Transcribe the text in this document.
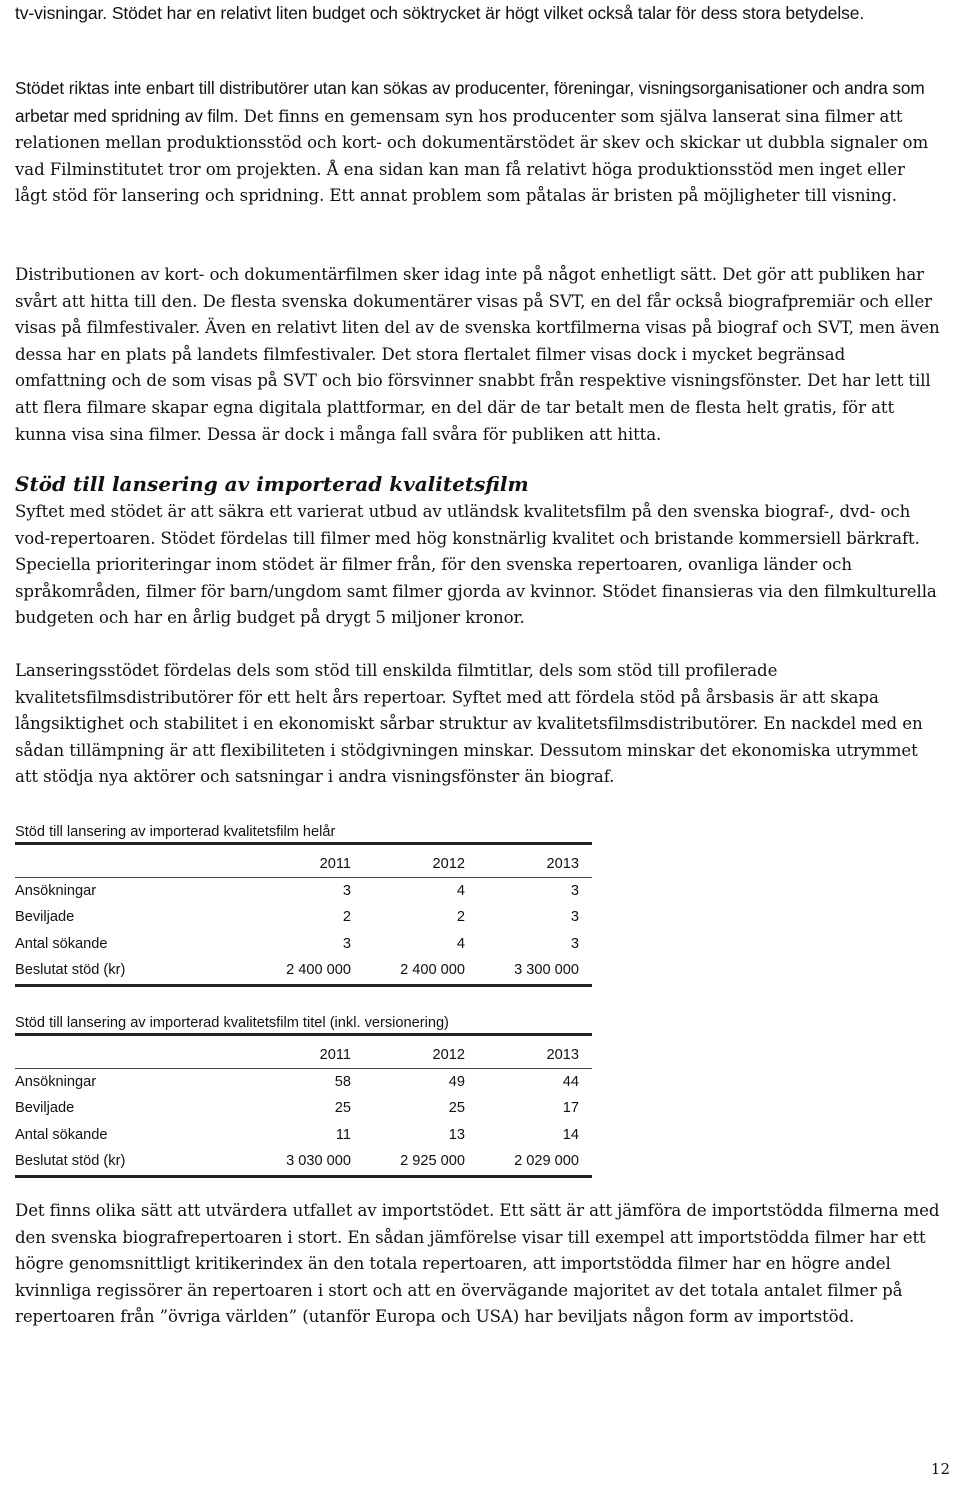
tv-visningar. Stödet har en relativt liten budget och söktrycket är högt vilket också talar för dess stora betydelse.

Stödet riktas inte enbart till distributörer utan kan sökas av producenter, föreningar, visningsorganisationer och andra som arbetar med spridning av film. Det finns en gemensam syn hos producenter som själva lanserat sina filmer att relationen mellan produktionsstöd och kort- och dokumentärstödet är skev och skickar ut dubbla signaler om vad Filminstitutet tror om projekten. Å ena sidan kan man få relativt höga produktionsstöd men inget eller lågt stöd för lansering och spridning. Ett annat problem som påtalas är bristen på möjligheter till visning.

Distributionen av kort- och dokumentärfilmen sker idag inte på något enhetligt sätt. Det gör att publiken har svårt att hitta till den. De flesta svenska dokumentärer visas på SVT, en del får också biografpremiär och eller visas på filmfestivaler. Även en relativt liten del av de svenska kortfilmerna visas på biograf och SVT, men även dessa har en plats på landets filmfestivaler. Det stora flertalet filmer visas dock i mycket begränsad omfattning och de som visas på SVT och bio försvinner snabbt från respektive visningsfönster. Det har lett till att flera filmare skapar egna digitala plattformar, en del där de tar betalt men de flesta helt gratis, för att kunna visa sina filmer. Dessa är dock i många fall svåra för publiken att hitta.

Stöd till lansering av importerad kvalitetsfilm

Syftet med stödet är att säkra ett varierat utbud av utländsk kvalitetsfilm på den svenska biograf-, dvd- och vod-repertoaren. Stödet fördelas till filmer med hög konstnärlig kvalitet och bristande kommersiell bärkraft. Speciella prioriteringar inom stödet är filmer från, för den svenska repertoaren, ovanliga länder och språkområden, filmer för barn/ungdom samt filmer gjorda av kvinnor. Stödet finansieras via den filmkulturella budgeten och har en årlig budget på drygt 5 miljoner kronor.

Lanseringsstödet fördelas dels som stöd till enskilda filmtitlar, dels som stöd till profilerade kvalitetsfilmsdistributörer för ett helt års repertoar. Syftet med att fördela stöd på årsbasis är att skapa långsiktighet och stabilitet i en ekonomiskt sårbar struktur av kvalitetsfilmsdistributörer. En nackdel med en sådan tillämpning är att flexibiliteten i stödgivningen minskar. Dessutom minskar det ekonomiska utrymmet att stödja nya aktörer och satsningar i andra visningsfönster än biograf.

Stöd till lansering av importerad kvalitetsfilm helår
2011	2012	2013
Ansökningar	3	4	3
Beviljade	2	2	3
Antal sökande	3	4	3
Beslutat stöd (kr)	2 400 000	2 400 000	3 300 000
Stöd till lansering av importerad kvalitetsfilm titel (inkl. versionering)
2011	2012	2013
Ansökningar	58	49	44
Beviljade	25	25	17
Antal sökande	11	13	14
Beslutat stöd (kr)	3 030 000	2 925 000	2 029 000

Det finns olika sätt att utvärdera utfallet av importstödet. Ett sätt är att jämföra de importstödda filmerna med den svenska biografrepertoaren i stort. En sådan jämförelse visar till exempel att importstödda filmer har ett högre genomsnittligt kritikerindex än den totala repertoaren, att importstödda filmer har en högre andel kvinnliga regissörer än repertoaren i stort och att en övervägande majoritet av det totala antalet filmer på repertoaren från ”övriga världen” (utanför Europa och USA) har beviljats någon form av importstöd.

12
